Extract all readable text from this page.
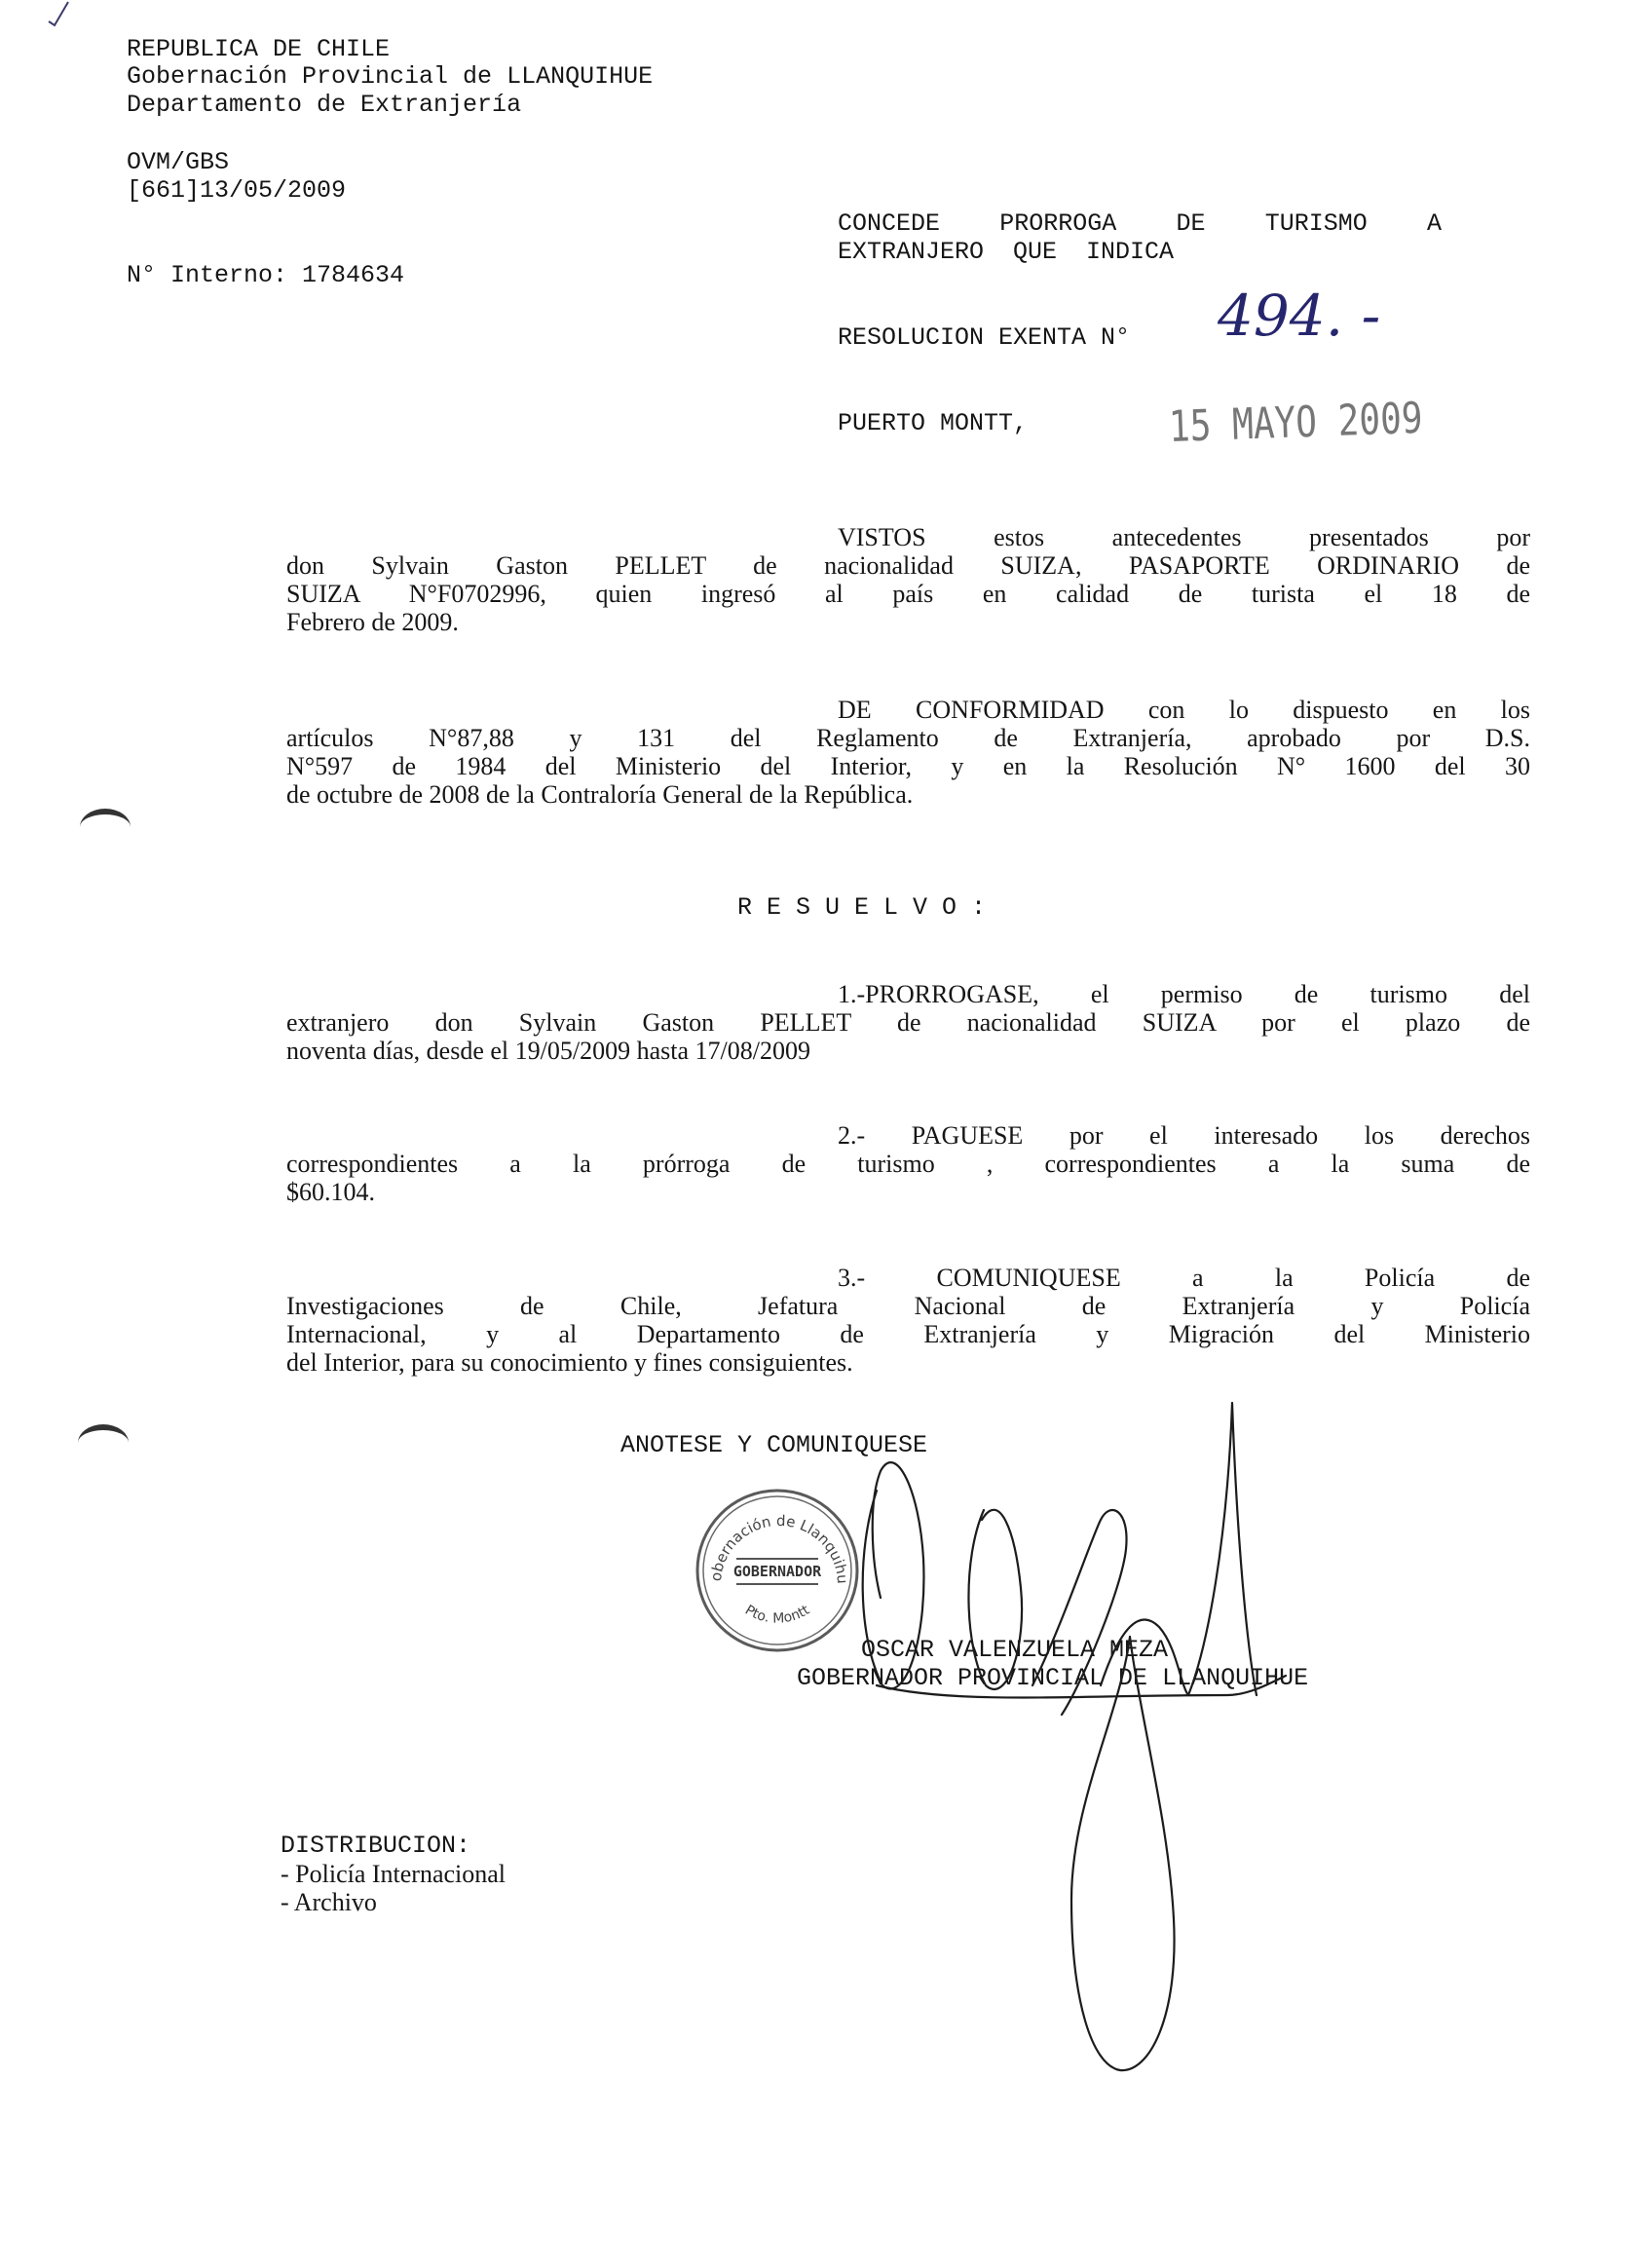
REPUBLICA DE CHILE
Gobernación Provincial de LLANQUIHUE
Departamento de Extranjería
OVM/GBS
[661]13/05/2009
N° Interno: 1784634
CONCEDE PRORROGA DE TURISMO A
EXTRANJERO  QUE  INDICA
RESOLUCION EXENTA N° 494. -
PUERTO MONTT,	15 MAYO 2009
VISTOS estos antecedentes presentados por
don Sylvain Gaston PELLET de nacionalidad SUIZA, PASAPORTE ORDINARIO de
SUIZA N°F0702996, quien ingresó al país en calidad de turista el 18 de
Febrero de 2009.
DE CONFORMIDAD con lo dispuesto en los
artículos N°87,88 y 131 del Reglamento de Extranjería, aprobado por D.S.
N°597 de 1984 del Ministerio del Interior, y en la Resolución N° 1600 del 30
de octubre de 2008 de la Contraloría General de la República.
R E S U E L V O :
1.-PRORROGASE, el permiso de turismo del
extranjero don Sylvain Gaston PELLET de nacionalidad SUIZA por el plazo de
noventa días, desde el 19/05/2009 hasta 17/08/2009
2.- PAGUESE por el interesado los derechos
correspondientes a la prórroga de turismo , correspondientes a la suma de
$60.104.
3.- COMUNIQUESE a la Policía de
Investigaciones de Chile, Jefatura Nacional de Extranjería y Policía
Internacional, y al Departamento de Extranjería y Migración del Ministerio
del Interior, para su conocimiento y fines consiguientes.
ANOTESE Y COMUNIQUESE
obernación de Llanquihu
GOBERNADOR
Pto. Montt
OSCAR VALENZUELA MEZA
GOBERNADOR PROVINCIAL DE LLANQUIHUE
DISTRIBUCION:
- Policía Internacional
- Archivo
